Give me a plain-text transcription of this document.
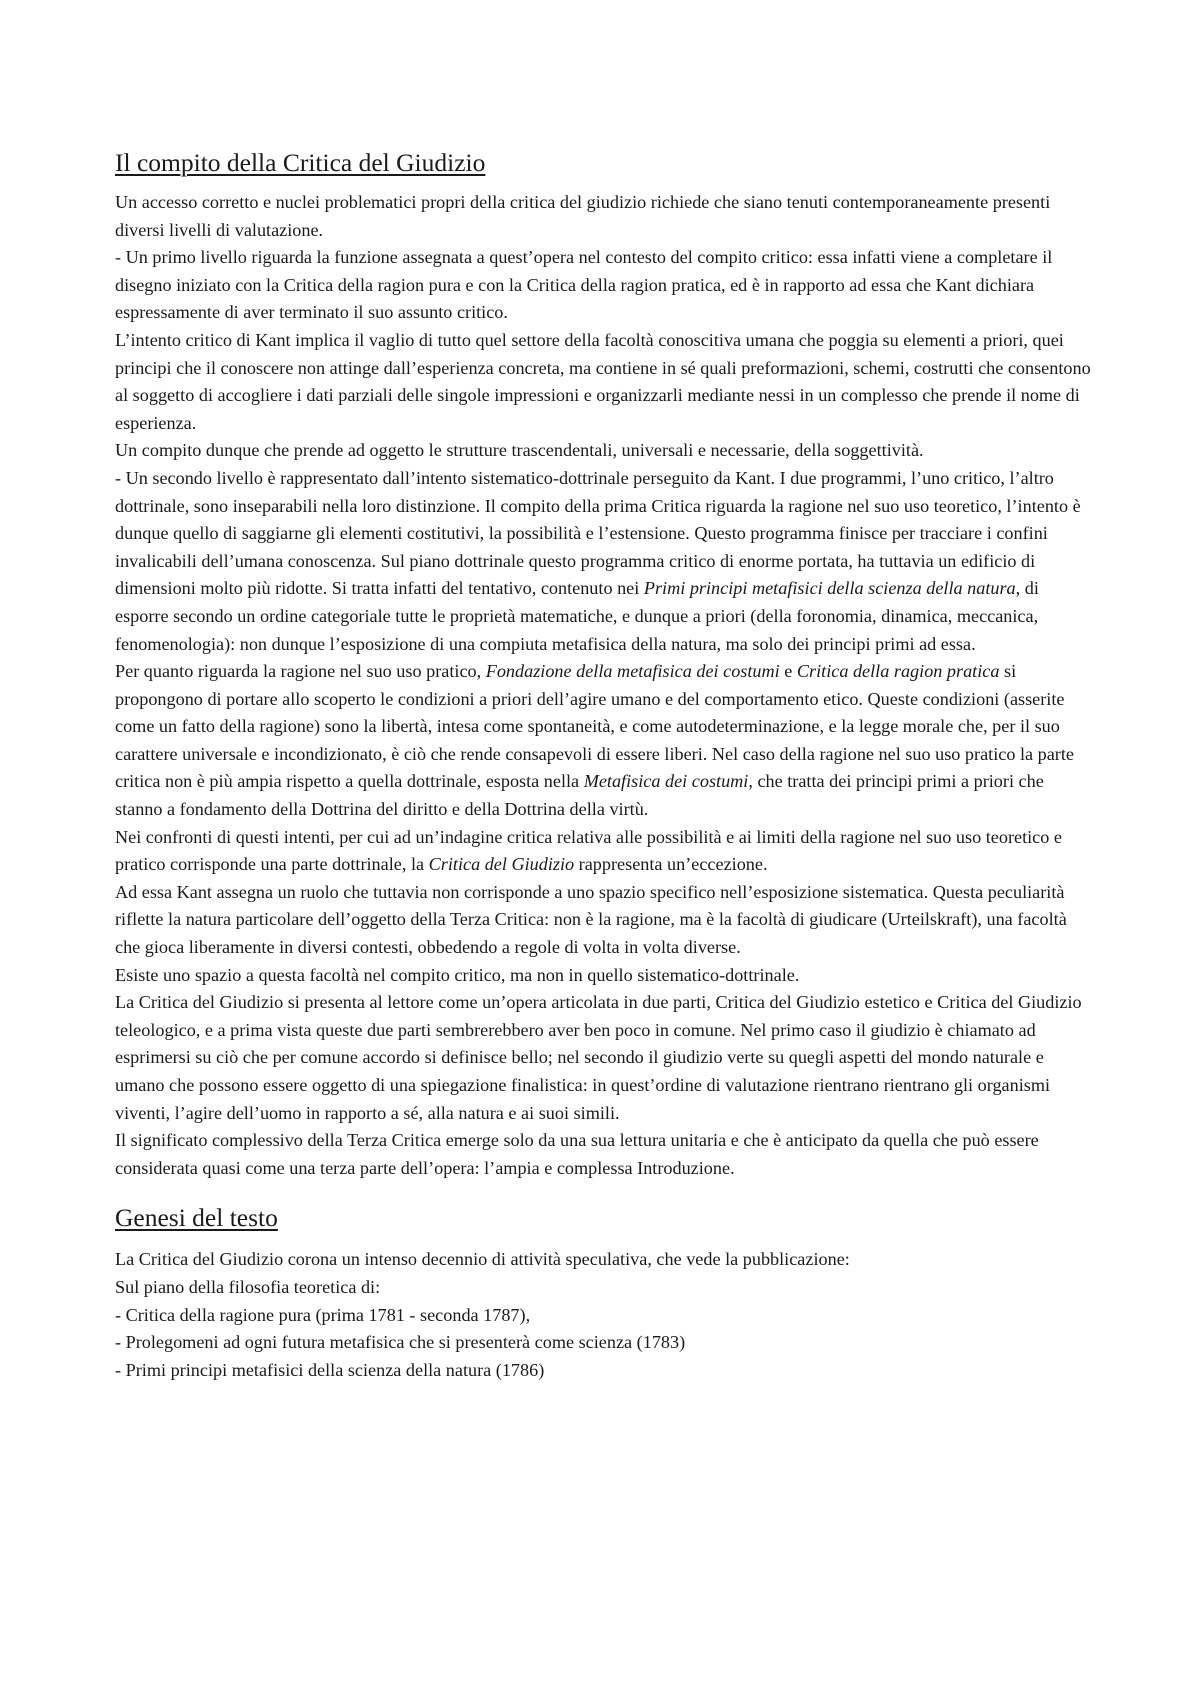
Il compito della Critica del Giudizio

Un accesso corretto e nuclei problematici propri della critica del giudizio richiede che siano tenuti contemporaneamente presenti diversi livelli di valutazione.

- Un primo livello riguarda la funzione assegnata a quest’opera nel contesto del compito critico: essa infatti viene a completare il disegno iniziato con la Critica della ragion pura e con la Critica della ragion pratica, ed è in rapporto ad essa che Kant dichiara espressamente di aver terminato il suo assunto critico.

L’intento critico di Kant implica il vaglio di tutto quel settore della facoltà conoscitiva umana che poggia su elementi a priori, quei principi che il conoscere non attinge dall’esperienza concreta, ma contiene in sé quali preformazioni, schemi, costrutti che consentono al soggetto di accogliere i dati parziali delle singole impressioni e organizzarli mediante nessi in un complesso che prende il nome di esperienza.

Un compito dunque che prende ad oggetto le strutture trascendentali, universali e necessarie, della soggettività.

- Un secondo livello è rappresentato dall’intento sistematico-dottrinale perseguito da Kant. I due programmi, l’uno critico, l’altro dottrinale, sono inseparabili nella loro distinzione. Il compito della prima Critica riguarda la ragione nel suo uso teoretico, l’intento è dunque quello di saggiarne gli elementi costitutivi, la possibilità e l’estensione. Questo programma finisce per tracciare i confini invalicabili dell’umana conoscenza. Sul piano dottrinale questo programma critico di enorme portata, ha tuttavia un edificio di dimensioni molto più ridotte. Si tratta infatti del tentativo, contenuto nei Primi principi metafisici della scienza della natura, di esporre secondo un ordine categoriale tutte le proprietà matematiche, e dunque a priori (della foronomia, dinamica, meccanica, fenomenologia): non dunque l’esposizione di una compiuta metafisica della natura, ma solo dei principi primi ad essa.

Per quanto riguarda la ragione nel suo uso pratico, Fondazione della metafisica dei costumi e Critica della ragion pratica si propongono di portare allo scoperto le condizioni a priori dell’agire umano e del comportamento etico. Queste condizioni (asserite come un fatto della ragione) sono la libertà, intesa come spontaneità, e come autodeterminazione, e la legge morale che, per il suo carattere universale e incondizionato, è ciò che rende consapevoli di essere liberi. Nel caso della ragione nel suo uso pratico la parte critica non è più ampia rispetto a quella dottrinale, esposta nella Metafisica dei costumi, che tratta dei principi primi a priori che stanno a fondamento della Dottrina del diritto e della Dottrina della virtù.

Nei confronti di questi intenti, per cui ad un’indagine critica relativa alle possibilità e ai limiti della ragione nel suo uso teoretico e pratico corrisponde una parte dottrinale, la Critica del Giudizio rappresenta un’eccezione.

Ad essa Kant assegna un ruolo che tuttavia non corrisponde a uno spazio specifico nell’esposizione sistematica. Questa peculiarità riflette la natura particolare dell’oggetto della Terza Critica: non è la ragione, ma è la facoltà di giudicare (Urteilskraft), una facoltà che gioca liberamente in diversi contesti, obbedendo a regole di volta in volta diverse.

Esiste uno spazio a questa facoltà nel compito critico, ma non in quello sistematico-dottrinale.

La Critica del Giudizio si presenta al lettore come un’opera articolata in due parti, Critica del Giudizio estetico e Critica del Giudizio teleologico, e a prima vista queste due parti sembrerebbero aver ben poco in comune. Nel primo caso il giudizio è chiamato ad esprimersi su ciò che per comune accordo si definisce bello; nel secondo il giudizio verte su quegli aspetti del mondo naturale e umano che possono essere oggetto di una spiegazione finalistica: in quest’ordine di valutazione rientrano rientrano gli organismi viventi, l’agire dell’uomo in rapporto a sé, alla natura e ai suoi simili.

Il significato complessivo della Terza Critica emerge solo da una sua lettura unitaria e che è anticipato da quella che può essere considerata quasi come una terza parte dell’opera: l’ampia e complessa Introduzione.

Genesi del testo

La Critica del Giudizio corona un intenso decennio di attività speculativa, che vede la pubblicazione:

Sul piano della filosofia teoretica di:

- Critica della ragione pura (prima 1781 - seconda 1787),

- Prolegomeni ad ogni futura metafisica che si presenterà come scienza (1783)

- Primi principi metafisici della scienza della natura (1786)
